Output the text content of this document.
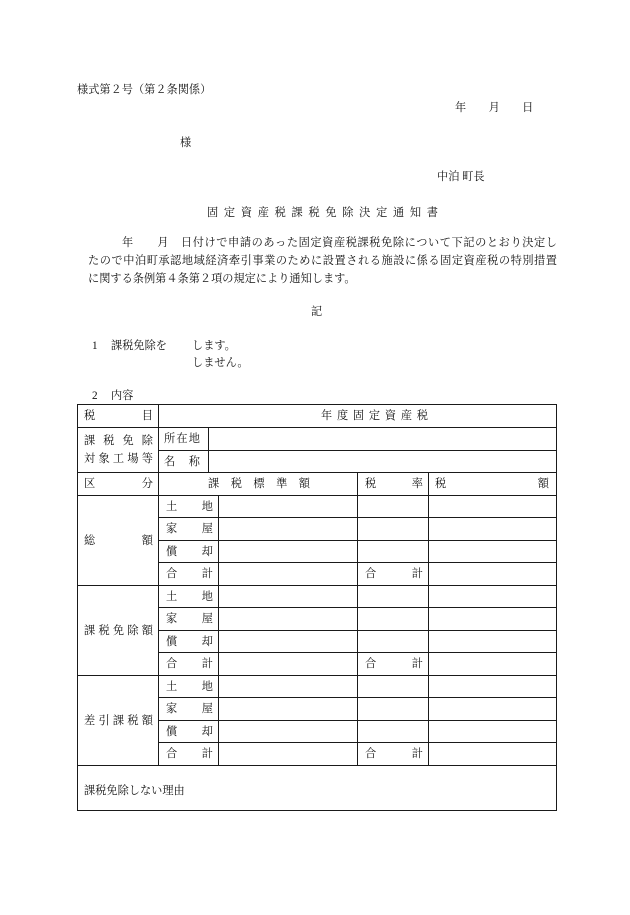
様式第２号（第２条関係）
年　　月　　日
様
中泊 町長
固 定 資 産 税 課 税 免 除 決 定 通 知 書
年　　月　日付けで申請のあった固定資産税課税免除について下記のとおり決定し
たので中泊町承認地域経済牽引事業のために設置される施設に係る固定資産税の特別措置
に関する条例第４条第２項の規定により通知します。
記
1 課税免除を します。
しません。
2 内容
税　　目	年 度 固 定 資 産 税				

課 税 免 除
対象工場等	所在地				

	名　称				

区　　分	課 税 標 準 額			税　　率	税　　　　額

総　　額	土　　地				

	家　　屋				

	償　　却				

	合　　計			合　　計	

課税免除額	土　　地				

	家　　屋				

	償　　却				

	合　　計			合　　計	

差引課税額	土　　地				

	家　　屋				

	償　　却				

	合　　計			合　　計	

課税免除しない理由					
